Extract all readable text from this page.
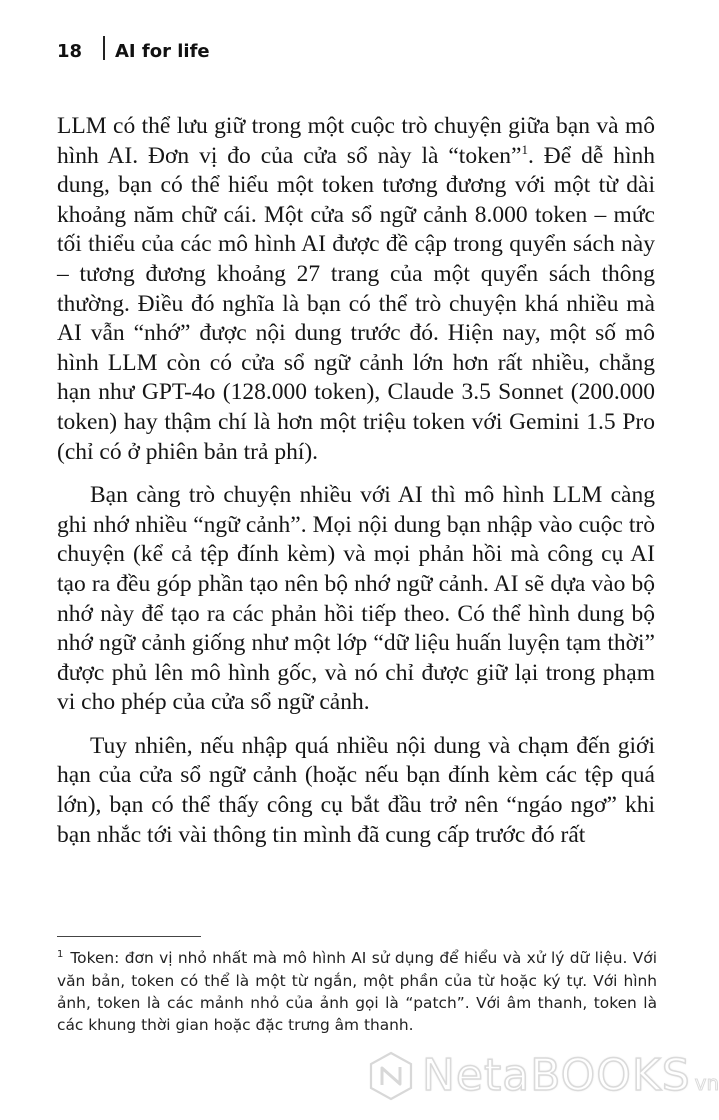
18	AI for life

LLM có thể lưu giữ trong một cuộc trò chuyện giữa bạn và mô hình AI. Đơn vị đo của cửa sổ này là “token”$^1$. Để dễ hình dung, bạn có thể hiểu một token tương đương với một từ dài khoảng năm chữ cái. Một cửa sổ ngữ cảnh 8.000 token – mức tối thiểu của các mô hình AI được đề cập trong quyển sách này – tương đương khoảng 27 trang của một quyển sách thông thường. Điều đó nghĩa là bạn có thể trò chuyện khá nhiều mà AI vẫn “nhớ” được nội dung trước đó. Hiện nay, một số mô hình LLM còn có cửa sổ ngữ cảnh lớn hơn rất nhiều, chẳng hạn như GPT-4o (128.000 token), Claude 3.5 Sonnet (200.000 token) hay thậm chí là hơn một triệu token với Gemini 1.5 Pro (chỉ có ở phiên bản trả phí).

Bạn càng trò chuyện nhiều với AI thì mô hình LLM càng ghi nhớ nhiều “ngữ cảnh”. Mọi nội dung bạn nhập vào cuộc trò chuyện (kể cả tệp đính kèm) và mọi phản hồi mà công cụ AI tạo ra đều góp phần tạo nên bộ nhớ ngữ cảnh. AI sẽ dựa vào bộ nhớ này để tạo ra các phản hồi tiếp theo. Có thể hình dung bộ nhớ ngữ cảnh giống như một lớp “dữ liệu huấn luyện tạm thời” được phủ lên mô hình gốc, và nó chỉ được giữ lại trong phạm vi cho phép của cửa sổ ngữ cảnh.

Tuy nhiên, nếu nhập quá nhiều nội dung và chạm đến giới hạn của cửa sổ ngữ cảnh (hoặc nếu bạn đính kèm các tệp quá lớn), bạn có thể thấy công cụ bắt đầu trở nên “ngáo ngơ” khi bạn nhắc tới vài thông tin mình đã cung cấp trước đó rất

$^1$ Token: đơn vị nhỏ nhất mà mô hình AI sử dụng để hiểu và xử lý dữ liệu. Với văn bản, token có thể là một từ ngắn, một phần của từ hoặc ký tự. Với hình ảnh, token là các mảnh nhỏ của ảnh gọi là “patch”. Với âm thanh, token là các khung thời gian hoặc đặc trưng âm thanh.

NetaBOOKS vn
